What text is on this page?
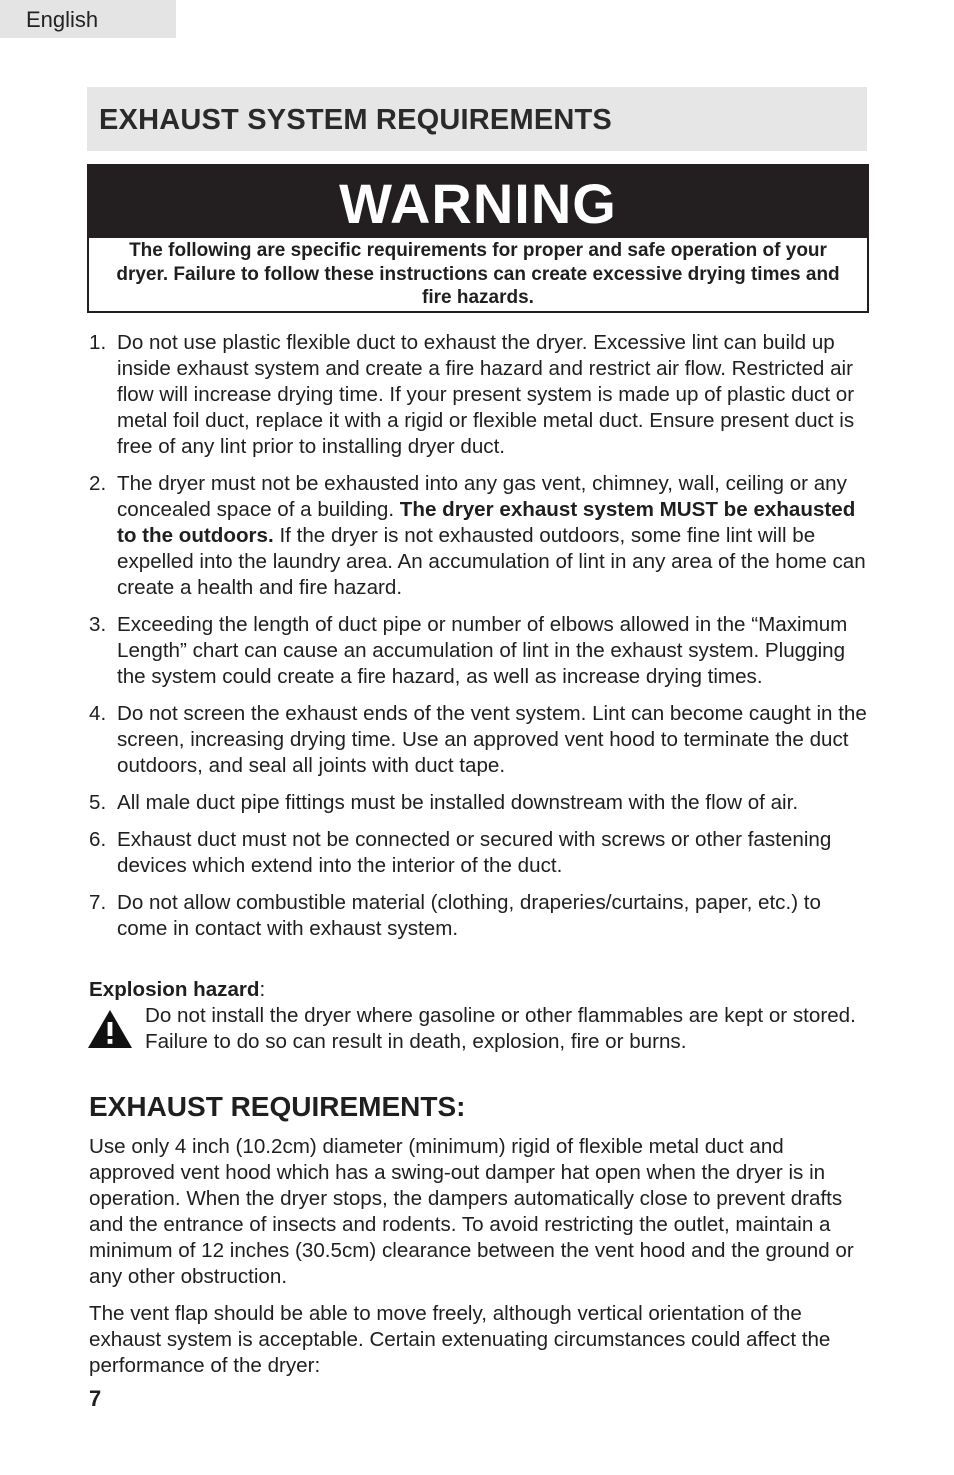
English
EXHAUST SYSTEM REQUIREMENTS
WARNING
The following are specific requirements for proper and safe operation of your dryer. Failure to follow these instructions can create excessive drying times and fire hazards.
1. Do not use plastic flexible duct to exhaust the dryer. Excessive lint can build up inside exhaust system and create a fire hazard and restrict air flow. Restricted air flow will increase drying time. If your present system is made up of plastic duct or metal foil duct, replace it with a rigid or flexible metal duct. Ensure present duct is free of any lint prior to installing dryer duct.
2. The dryer must not be exhausted into any gas vent, chimney, wall, ceiling or any concealed space of a building. The dryer exhaust system MUST be exhausted to the outdoors. If the dryer is not exhausted outdoors, some fine lint will be expelled into the laundry area. An accumulation of lint in any area of the home can create a health and fire hazard.
3. Exceeding the length of duct pipe or number of elbows allowed in the “Maximum Length” chart can cause an accumulation of lint in the exhaust system. Plugging the system could create a fire hazard, as well as increase drying times.
4. Do not screen the exhaust ends of the vent system. Lint can become caught in the screen, increasing drying time. Use an approved vent hood to terminate the duct outdoors, and seal all joints with duct tape.
5. All male duct pipe fittings must be installed downstream with the flow of air.
6. Exhaust duct must not be connected or secured with screws or other fastening devices which extend into the interior of the duct.
7. Do not allow combustible material (clothing, draperies/curtains, paper, etc.) to come in contact with exhaust system.
Explosion hazard:
Do not install the dryer where gasoline or other flammables are kept or stored. Failure to do so can result in death, explosion, fire or burns.
EXHAUST REQUIREMENTS:

Use only 4 inch (10.2cm) diameter (minimum) rigid of flexible metal duct and approved vent hood which has a swing-out damper hat open when the dryer is in operation. When the dryer stops, the dampers automatically close to prevent drafts and the entrance of insects and rodents. To avoid restricting the outlet, maintain a minimum of 12 inches (30.5cm) clearance between the vent hood and the ground or any other obstruction.

The vent flap should be able to move freely, although vertical orientation of the exhaust system is acceptable. Certain extenuating circumstances could affect the performance of the dryer:

7
